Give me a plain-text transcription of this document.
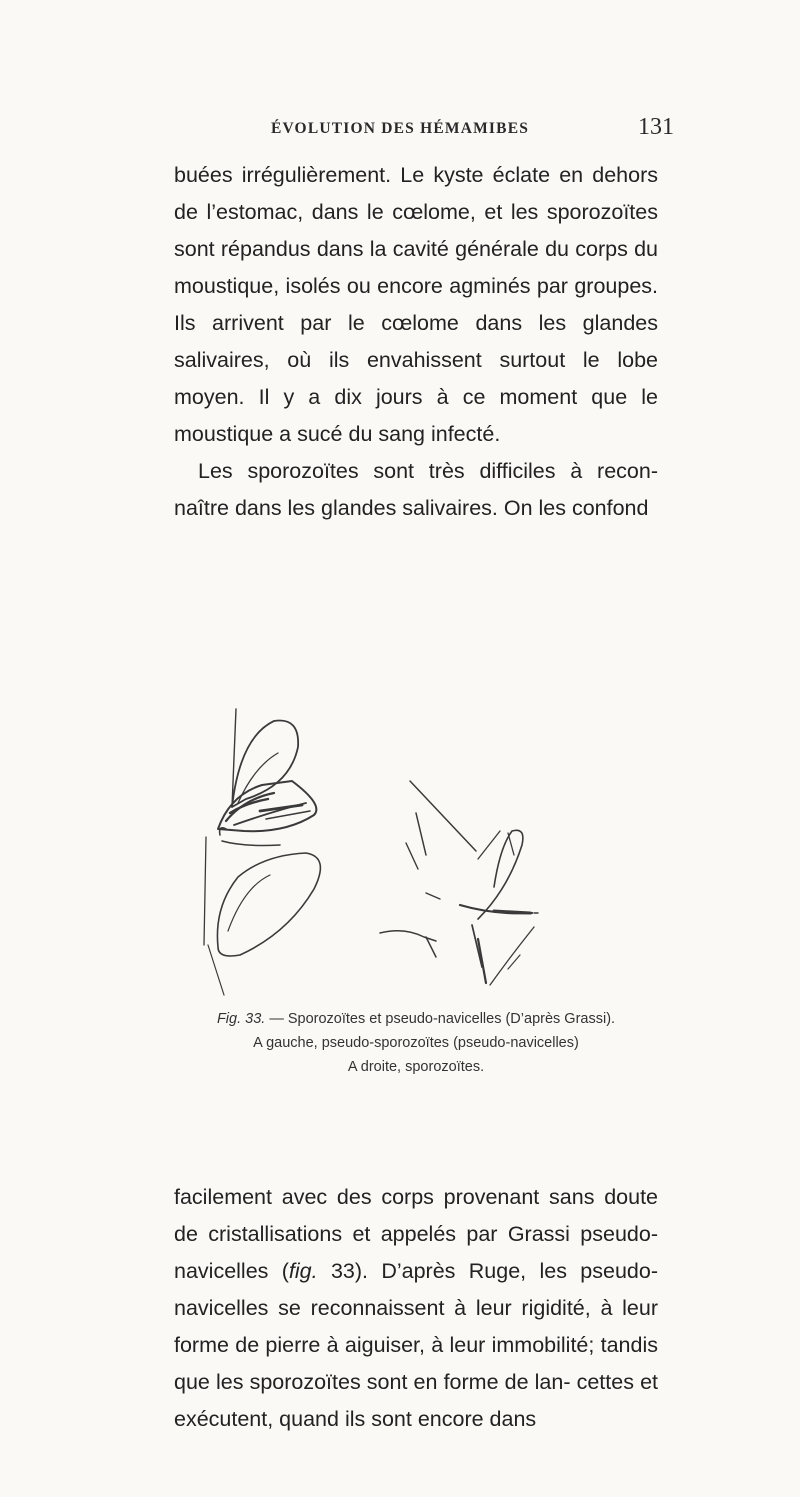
ÉVOLUTION DES HÉMAMIBES	131

buées irrégulièrement. Le kyste éclate en dehors de l’estomac, dans le cœlome, et les sporozoïtes sont répandus dans la cavité générale du corps du moustique, isolés ou encore agminés par groupes. Ils arrivent par le cœlome dans les glandes salivaires, où ils envahissent surtout le lobe moyen. Il y a dix jours à ce moment que le moustique a sucé du sang infecté.

Les sporozoïtes sont très difficiles à recon- naître dans les glandes salivaires. On les confond

Fig. 33. — Sporozoïtes et pseudo-navicelles (D’après Grassi).
A gauche, pseudo-sporozoïtes (pseudo-navicelles)
A droite, sporozoïtes.

facilement avec des corps provenant sans doute de cristallisations et appelés par Grassi pseudo- navicelles (fig. 33). D’après Ruge, les pseudo- navicelles se reconnaissent à leur rigidité, à leur forme de pierre à aiguiser, à leur immobilité; tandis que les sporozoïtes sont en forme de lan- cettes et exécutent, quand ils sont encore dans
